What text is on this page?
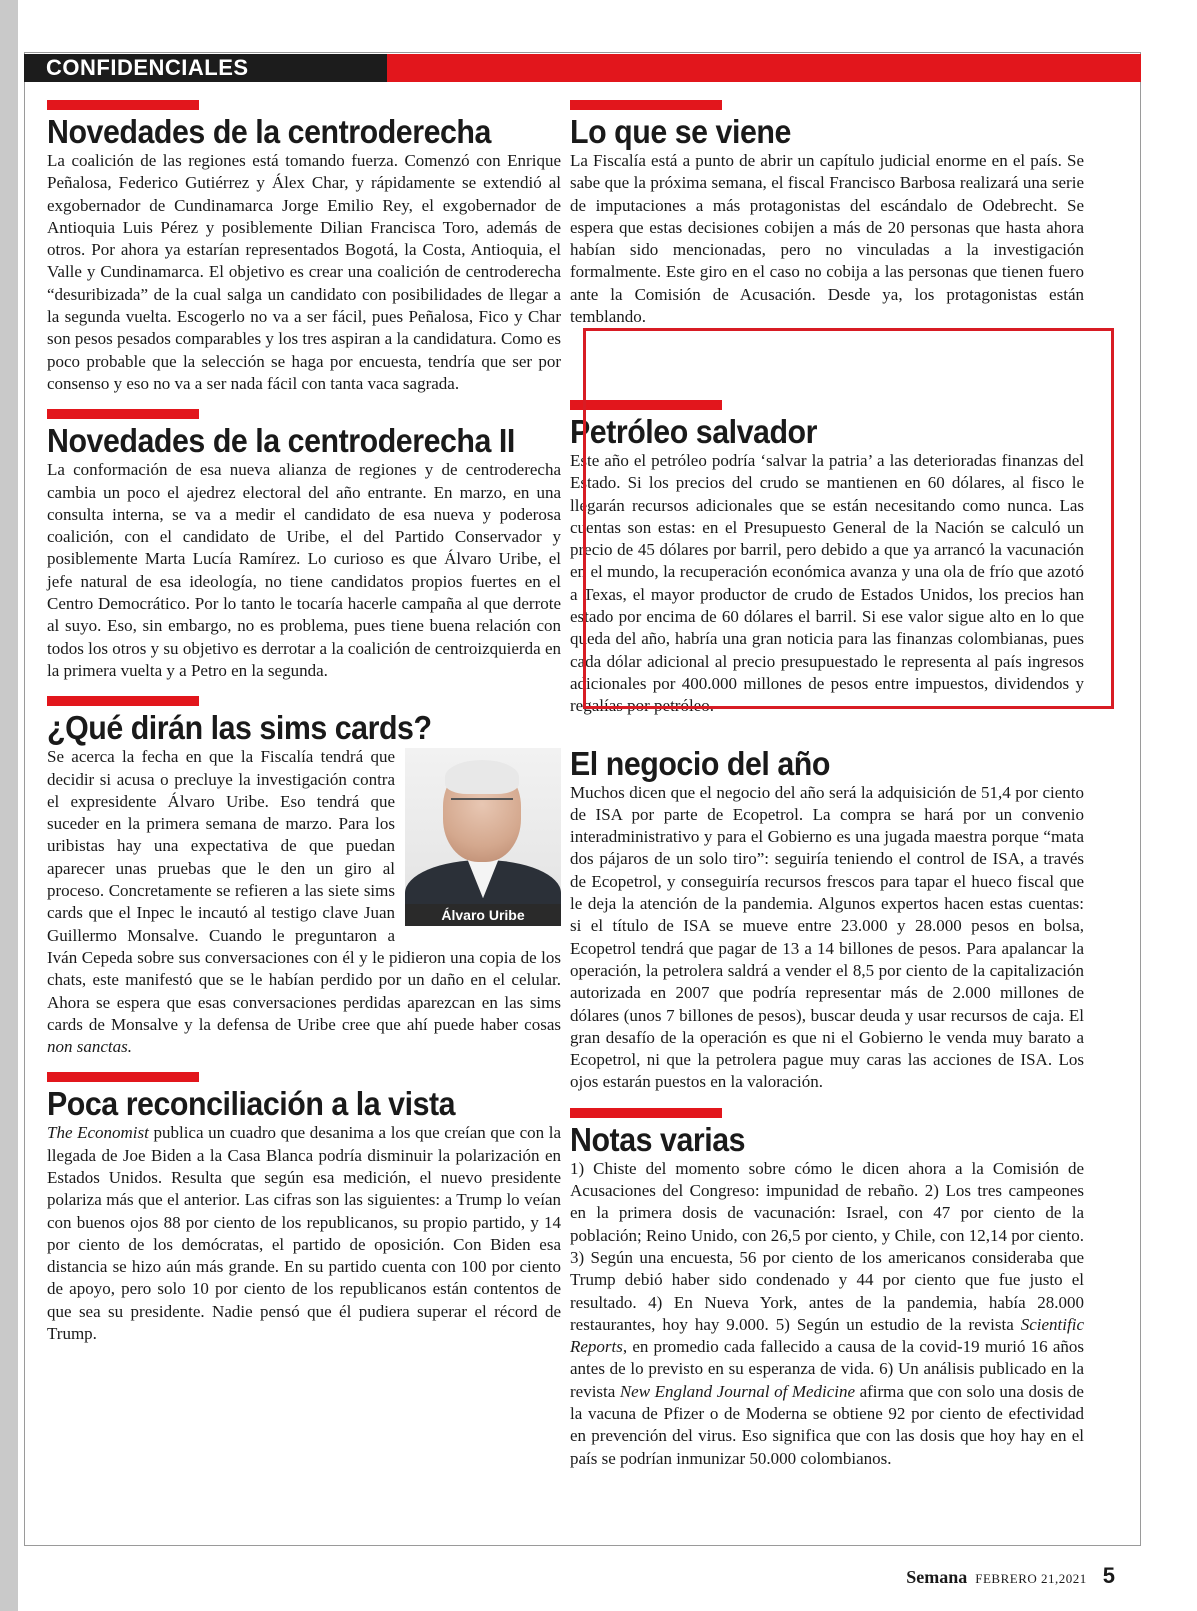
CONFIDENCIALES
Novedades de la centroderecha

La coalición de las regiones está tomando fuerza. Comenzó con Enrique Peñalosa, Federico Gutiérrez y Álex Char, y rápidamente se extendió al exgobernador de Cundinamarca Jorge Emilio Rey, el exgobernador de Antioquia Luis Pérez y posiblemente Dilian Francisca Toro, además de otros. Por ahora ya estarían representados Bogotá, la Costa, Antioquia, el Valle y Cundinamarca. El objetivo es crear una coalición de centroderecha “desuribizada” de la cual salga un candidato con posibilidades de llegar a la segunda vuelta. Escogerlo no va a ser fácil, pues Peñalosa, Fico y Char son pesos pesados comparables y los tres aspiran a la candidatura. Como es poco probable que la selección se haga por encuesta, tendría que ser por consenso y eso no va a ser nada fácil con tanta vaca sagrada.

Novedades de la centroderecha II

La conformación de esa nueva alianza de regiones y de centroderecha cambia un poco el ajedrez electoral del año entrante. En marzo, en una consulta interna, se va a medir el candidato de esa nueva y poderosa coalición, con el candidato de Uribe, el del Partido Conservador y posiblemente Marta Lucía Ramírez. Lo curioso es que Álvaro Uribe, el jefe natural de esa ideología, no tiene candidatos propios fuertes en el Centro Democrático. Por lo tanto le tocaría hacerle campaña al que derrote al suyo. Eso, sin embargo, no es problema, pues tiene buena relación con todos los otros y su objetivo es derrotar a la coalición de centroizquierda en la primera vuelta y a Petro en la segunda.

¿Qué dirán las sims cards?
Álvaro Uribe

Se acerca la fecha en que la Fiscalía tendrá que decidir si acusa o precluye la investigación contra el expresidente Álvaro Uribe. Eso tendrá que suceder en la primera semana de marzo. Para los uribistas hay una expectativa de que puedan aparecer unas pruebas que le den un giro al proceso. Concretamente se refieren a las siete sims cards que el Inpec le incautó al testigo clave Juan Guillermo Monsalve. Cuando le preguntaron a Iván Cepeda sobre sus conversaciones con él y le pidieron una copia de los chats, este manifestó que se le habían perdido por un daño en el celular. Ahora se espera que esas conversaciones perdidas aparezcan en las sims cards de Monsalve y la defensa de Uribe cree que ahí puede haber cosas non sanctas.

Poca reconciliación a la vista

The Economist publica un cuadro que desanima a los que creían que con la llegada de Joe Biden a la Casa Blanca podría disminuir la polarización en Estados Unidos. Resulta que según esa medición, el nuevo presidente polariza más que el anterior. Las cifras son las siguientes: a Trump lo veían con buenos ojos 88 por ciento de los republicanos, su propio partido, y 14 por ciento de los demócratas, el partido de oposición. Con Biden esa distancia se hizo aún más grande. En su partido cuenta con 100 por ciento de apoyo, pero solo 10 por ciento de los republicanos están contentos de que sea su presidente. Nadie pensó que él pudiera superar el récord de Trump.

Lo que se viene

La Fiscalía está a punto de abrir un capítulo judicial enorme en el país. Se sabe que la próxima semana, el fiscal Francisco Barbosa realizará una serie de imputaciones a más protagonistas del escándalo de Odebrecht. Se espera que estas decisiones cobijen a más de 20 personas que hasta ahora habían sido mencionadas, pero no vinculadas a la investigación formalmente. Este giro en el caso no cobija a las personas que tienen fuero ante la Comisión de Acusación. Desde ya, los protagonistas están temblando.

Petróleo salvador

Este año el petróleo podría ‘salvar la patria’ a las deterioradas finanzas del Estado. Si los precios del crudo se mantienen en 60 dólares, al fisco le llegarán recursos adicionales que se están necesitando como nunca. Las cuentas son estas: en el Presupuesto General de la Nación se calculó un precio de 45 dólares por barril, pero debido a que ya arrancó la vacunación en el mundo, la recuperación económica avanza y una ola de frío que azotó a Texas, el mayor productor de crudo de Estados Unidos, los precios han estado por encima de 60 dólares el barril. Si ese valor sigue alto en lo que queda del año, habría una gran noticia para las finanzas colombianas, pues cada dólar adicional al precio presupuestado le representa al país ingresos adicionales por 400.000 millones de pesos entre impuestos, dividendos y regalías por petróleo.

El negocio del año

Muchos dicen que el negocio del año será la adquisición de 51,4 por ciento de ISA por parte de Ecopetrol. La compra se hará por un convenio interadministrativo y para el Gobierno es una jugada maestra porque “mata dos pájaros de un solo tiro”: seguiría teniendo el control de ISA, a través de Ecopetrol, y conseguiría recursos frescos para tapar el hueco fiscal que le deja la atención de la pandemia. Algunos expertos hacen estas cuentas: si el título de ISA se mueve entre 23.000 y 28.000 pesos en bolsa, Ecopetrol tendrá que pagar de 13 a 14 billones de pesos. Para apalancar la operación, la petrolera saldrá a vender el 8,5 por ciento de la capitalización autorizada en 2007 que podría representar más de 2.000 millones de dólares (unos 7 billones de pesos), buscar deuda y usar recursos de caja. El gran desafío de la operación es que ni el Gobierno le venda muy barato a Ecopetrol, ni que la petrolera pague muy caras las acciones de ISA. Los ojos estarán puestos en la valoración.

Notas varias

1) Chiste del momento sobre cómo le dicen ahora a la Comisión de Acusaciones del Congreso: impunidad de rebaño. 2) Los tres campeones en la primera dosis de vacunación: Israel, con 47 por ciento de la población; Reino Unido, con 26,5 por ciento, y Chile, con 12,14 por ciento. 3) Según una encuesta, 56 por ciento de los americanos consideraba que Trump debió haber sido condenado y 44 por ciento que fue justo el resultado. 4) En Nueva York, antes de la pandemia, había 28.000 restaurantes, hoy hay 9.000. 5) Según un estudio de la revista Scientific Reports, en promedio cada fallecido a causa de la covid-19 murió 16 años antes de lo previsto en su esperanza de vida. 6) Un análisis publicado en la revista New England Journal of Medicine afirma que con solo una dosis de la vacuna de Pfizer o de Moderna se obtiene 92 por ciento de efectividad en prevención del virus. Eso significa que con las dosis que hoy hay en el país se podrían inmunizar 50.000 colombianos.

Semana FEBRERO 21,2021 5
